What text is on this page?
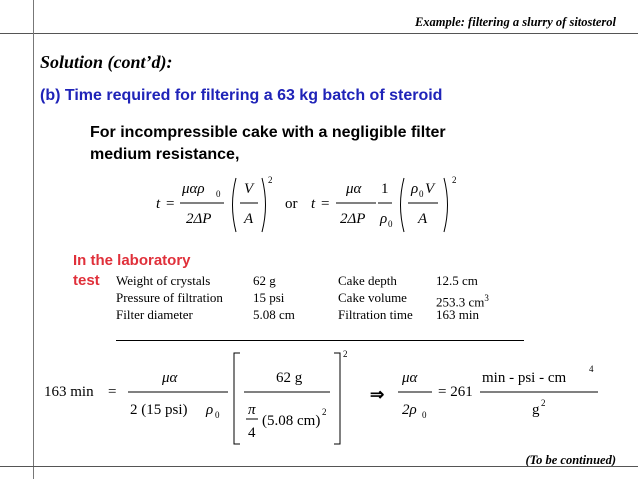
Example: filtering a slurry of sitosterol
Solution (cont’d):
(b) Time required for filtering a 63 kg batch of steroid
For incompressible cake with a negligible filter
medium resistance,
t =
μαρ 0
2ΔP
V
A
2
or t =
μα
2ΔP
1
ρ 0
ρ 0 V
A
2
In the laboratory
test	Weight of crystals	62 g	Cake depth	12.5 cm
Pressure of filtration 15 psi	Cake volume 253.3 $cm^3$
Filter diameter	5.08 cm	Filtration time 163 min
163 min =
μα
2 (15 psi) ρ 0
2
62 g
π
4
(5.08 cm)
2
⇒
μα
2ρ 0
= 261
min - psi - cm
4
g 2
(To be continued)
